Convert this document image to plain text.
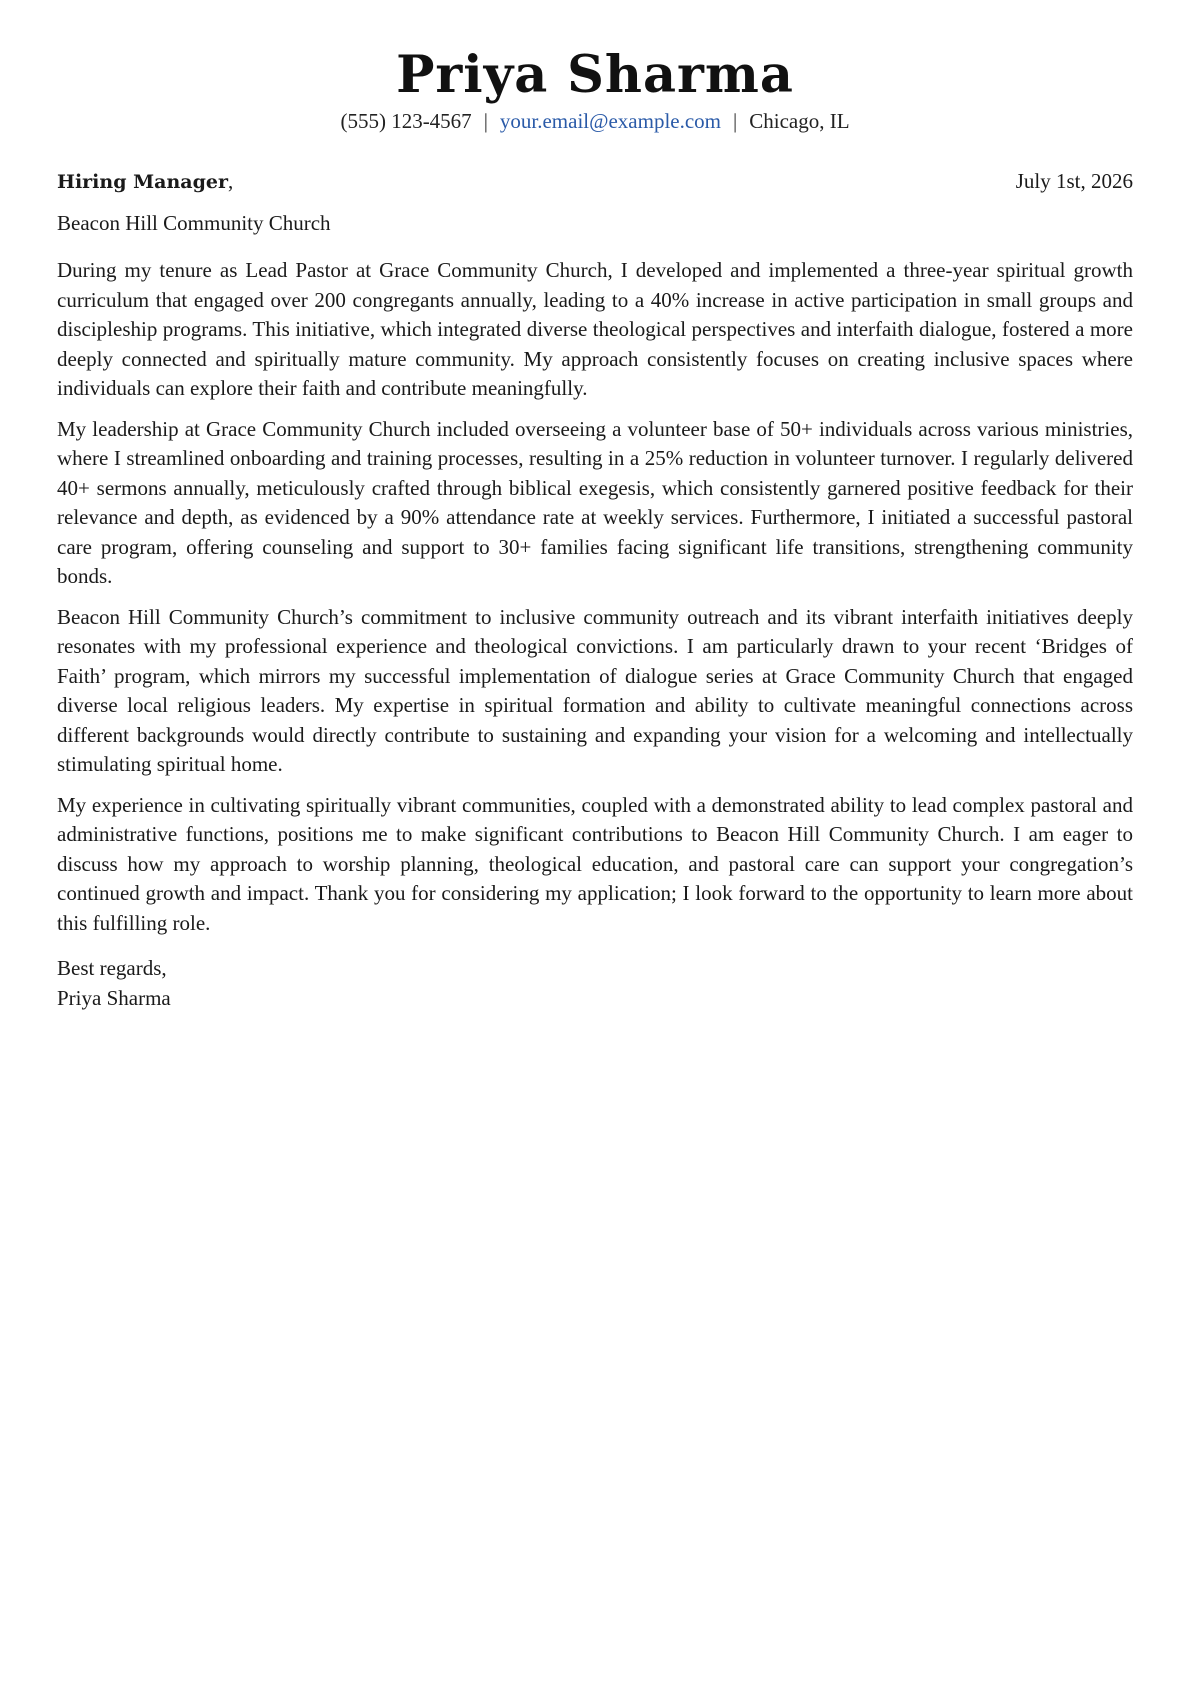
Priya Sharma
(555) 123-4567 | your.email@example.com | Chicago, IL
Hiring Manager,	July 1st, 2026
Beacon Hill Community Church

During my tenure as Lead Pastor at Grace Community Church, I developed and implemented a three-year spiritual growth curriculum that engaged over 200 congregants annually, leading to a 40% increase in active participation in small groups and discipleship programs. This initiative, which integrated diverse theological perspectives and interfaith dialogue, fostered a more deeply connected and spiritually mature community. My approach consistently focuses on creating inclusive spaces where individuals can explore their faith and contribute meaningfully.

My leadership at Grace Community Church included overseeing a volunteer base of 50+ individuals across various ministries, where I streamlined onboarding and training processes, resulting in a 25% reduction in volunteer turnover. I regularly delivered 40+ sermons annually, meticulously crafted through biblical exegesis, which consistently garnered positive feedback for their relevance and depth, as evidenced by a 90% attendance rate at weekly services. Furthermore, I initiated a successful pastoral care program, offering counseling and support to 30+ families facing significant life transitions, strengthening community bonds.

Beacon Hill Community Church’s commitment to inclusive community outreach and its vibrant interfaith initiatives deeply resonates with my professional experience and theological convictions. I am particularly drawn to your recent ‘Bridges of Faith’ program, which mirrors my successful implementation of dialogue series at Grace Community Church that engaged diverse local religious leaders. My expertise in spiritual formation and ability to cultivate meaningful connections across different backgrounds would directly contribute to sustaining and expanding your vision for a welcoming and intellectually stimulating spiritual home.

My experience in cultivating spiritually vibrant communities, coupled with a demonstrated ability to lead complex pastoral and administrative functions, positions me to make significant contributions to Beacon Hill Community Church. I am eager to discuss how my approach to worship planning, theological education, and pastoral care can support your congregation’s continued growth and impact. Thank you for considering my application; I look forward to the opportunity to learn more about this fulfilling role.

Best regards,
Priya Sharma
